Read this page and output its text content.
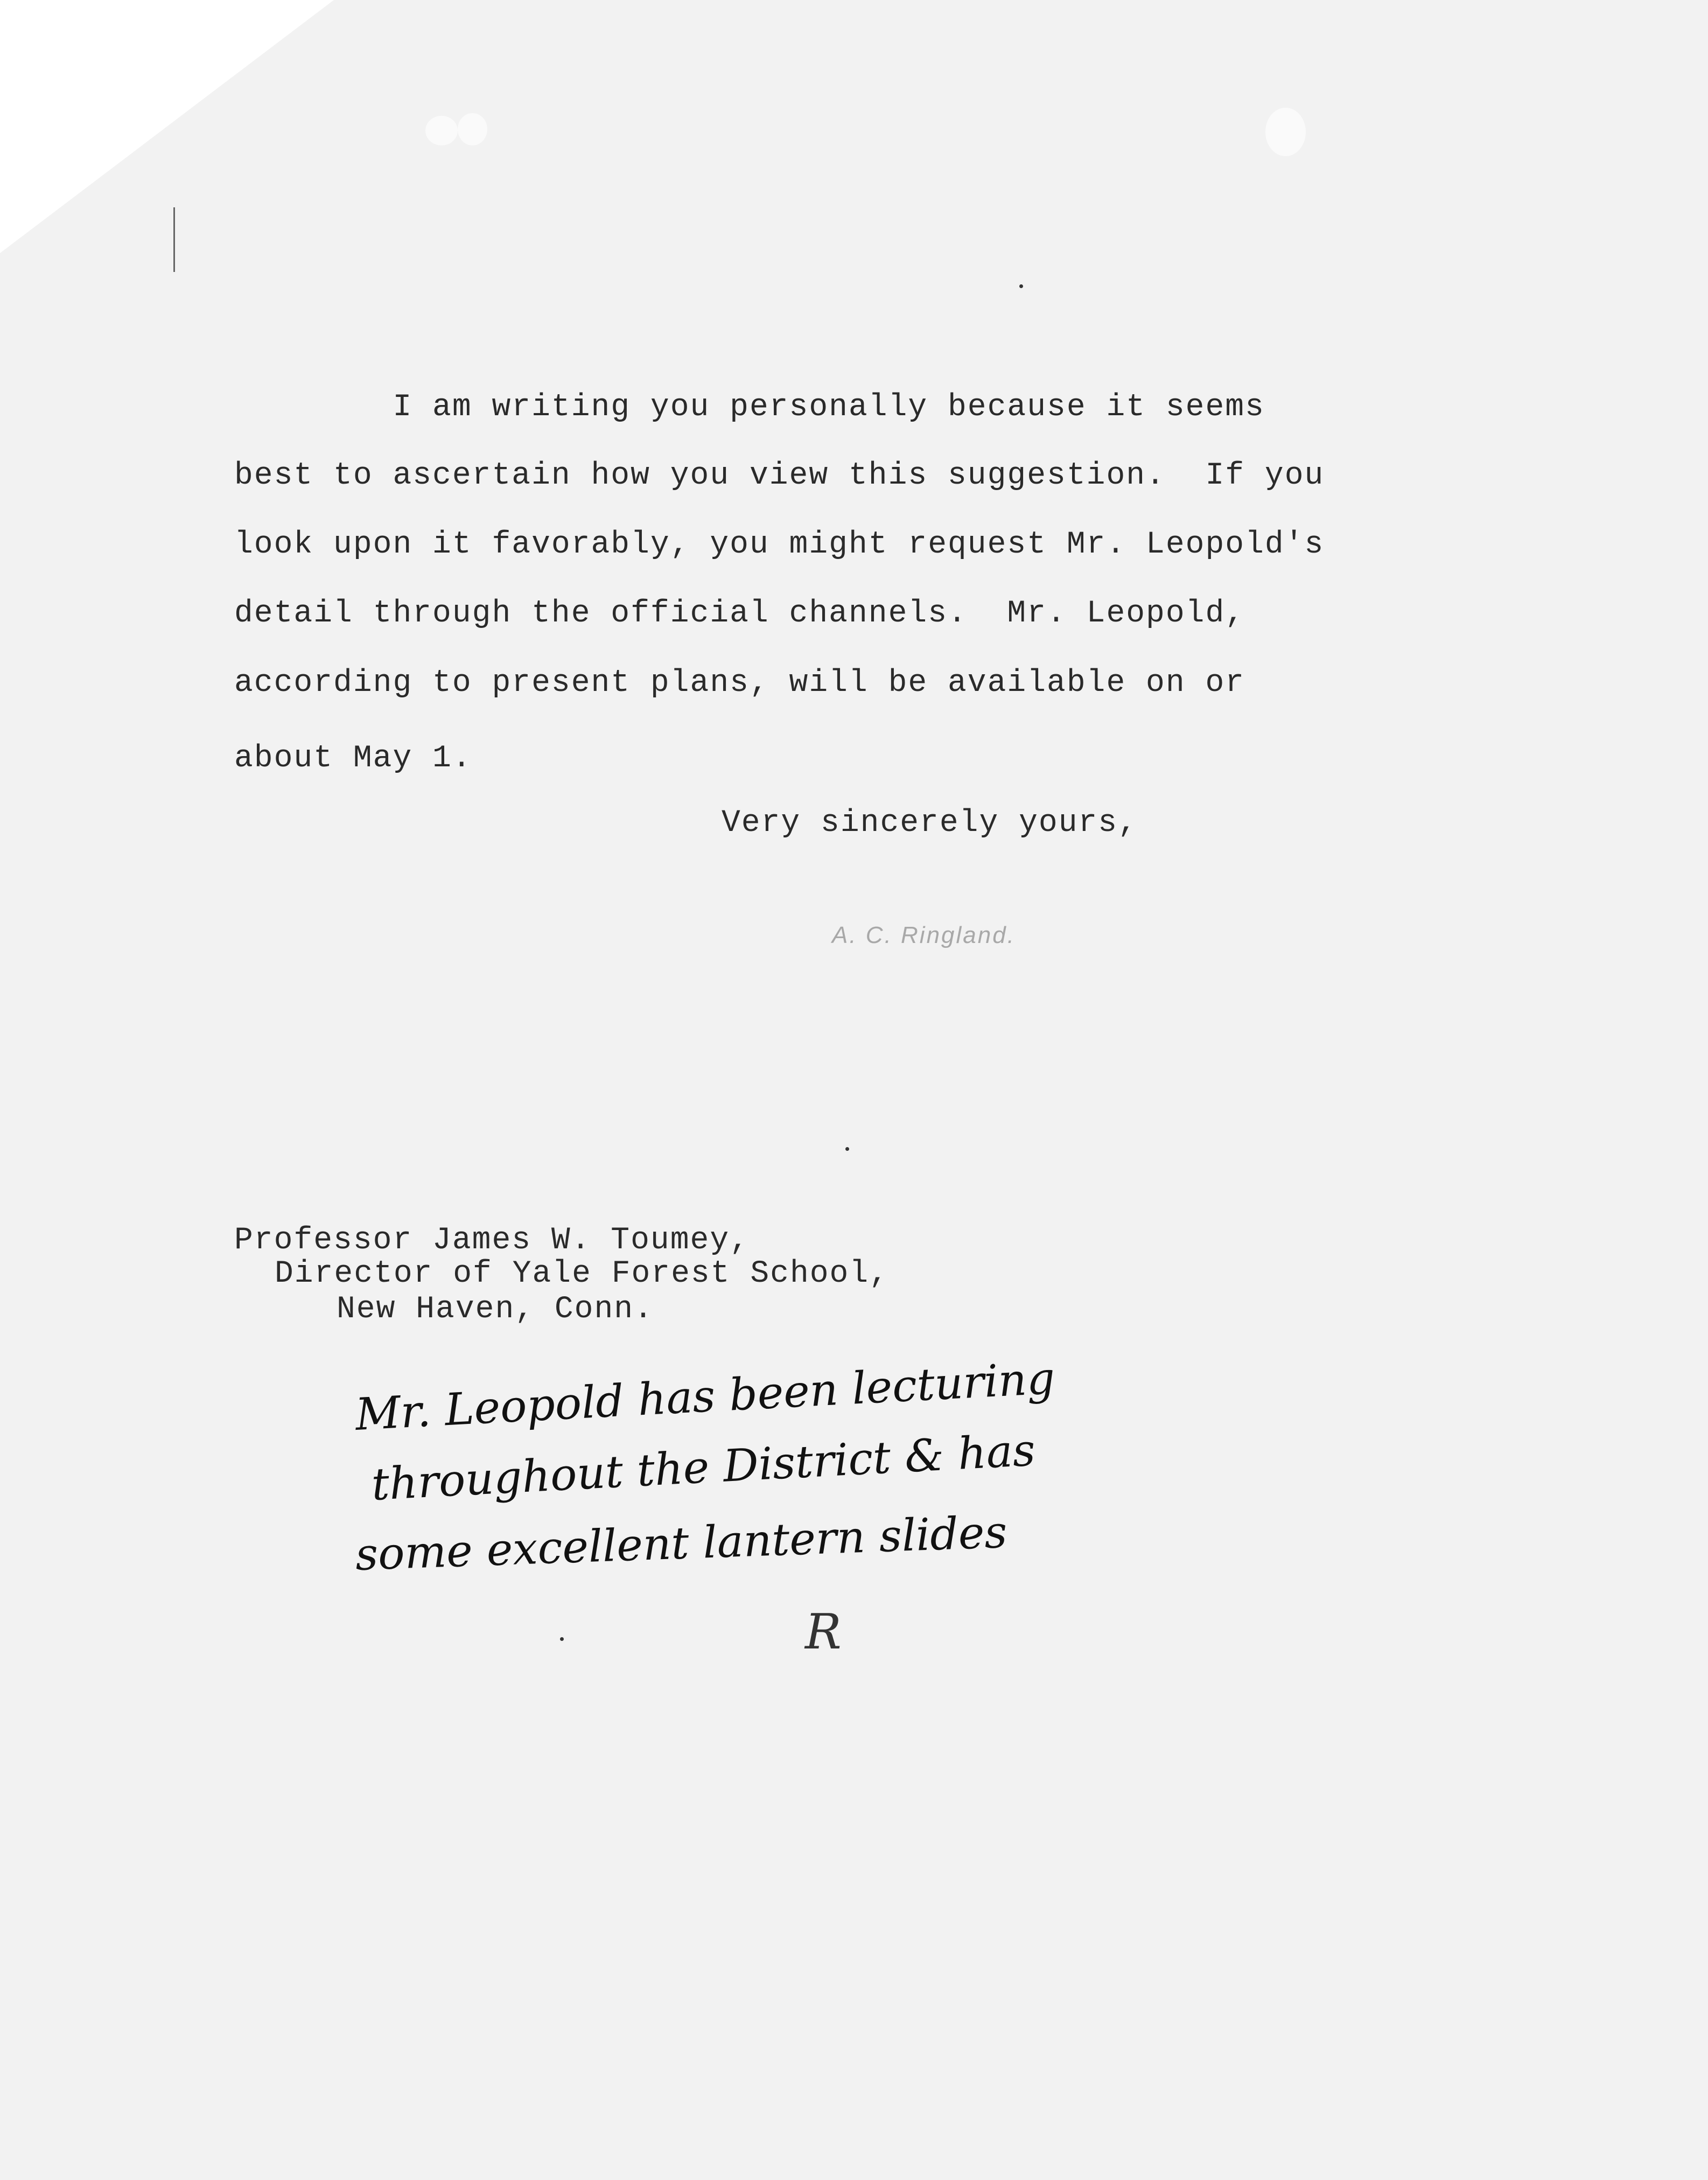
I am writing you personally because it seems

best to ascertain how you view this suggestion.  If you

look upon it favorably, you might request Mr. Leopold's

detail through the official channels.  Mr. Leopold,

according to present plans, will be available on or

about May 1.

Very sincerely yours,

A. C. Ringland.

Professor James W. Toumey,

Director of Yale Forest School,

New Haven, Conn.

Mr. Leopold has been lecturing
throughout the District & has
some excellent lantern slides
R
